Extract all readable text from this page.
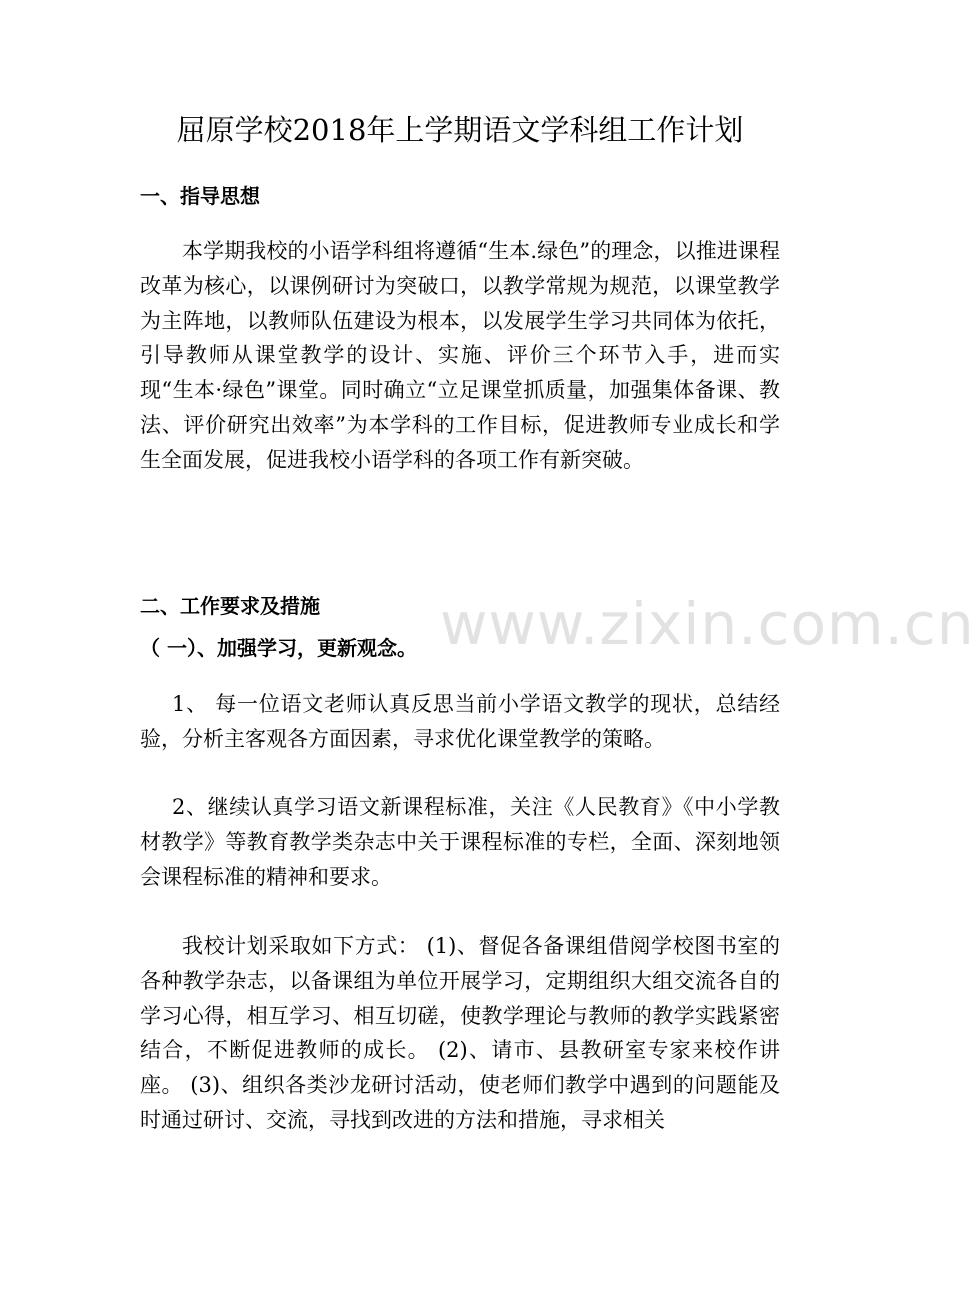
屈原学校2018年上学期语文学科组工作计划
一、指导思想

本学期我校的小语学科组将遵循“生本.绿色”的理念，以推进课程改革为核心，以课例研讨为突破口，以教学常规为规范，以课堂教学为主阵地，以教师队伍建设为根本，以发展学生学习共同体为依托，引导教师从课堂教学的设计、实施、评价三个环节入手，进而实现“生本·绿色”课堂。同时确立“立足课堂抓质量，加强集体备课、教法、评价研究出效率”为本学科的工作目标，促进教师专业成长和学生全面发展，促进我校小语学科的各项工作有新突破。

二、工作要求及措施
（ 一）、加强学习，更新观念。

1、 每一位语文老师认真反思当前小学语文教学的现状，总结经验，分析主客观各方面因素，寻求优化课堂教学的策略。

2、继续认真学习语文新课程标准，关注《人民教育》《中小学教材教学》等教育教学类杂志中关于课程标准的专栏，全面、深刻地领会课程标准的精神和要求。

我校计划采取如下方式： (1)、督促各备课组借阅学校图书室的各种教学杂志，以备课组为单位开展学习，定期组织大组交流各自的学习心得，相互学习、相互切磋，使教学理论与教师的教学实践紧密结合，不断促进教师的成长。 (2)、请市、县教研室专家来校作讲座。 (3)、组织各类沙龙研讨活动，使老师们教学中遇到的问题能及时通过研讨、交流，寻找到改进的方法和措施，寻求相关

www.zixin.com.cn
